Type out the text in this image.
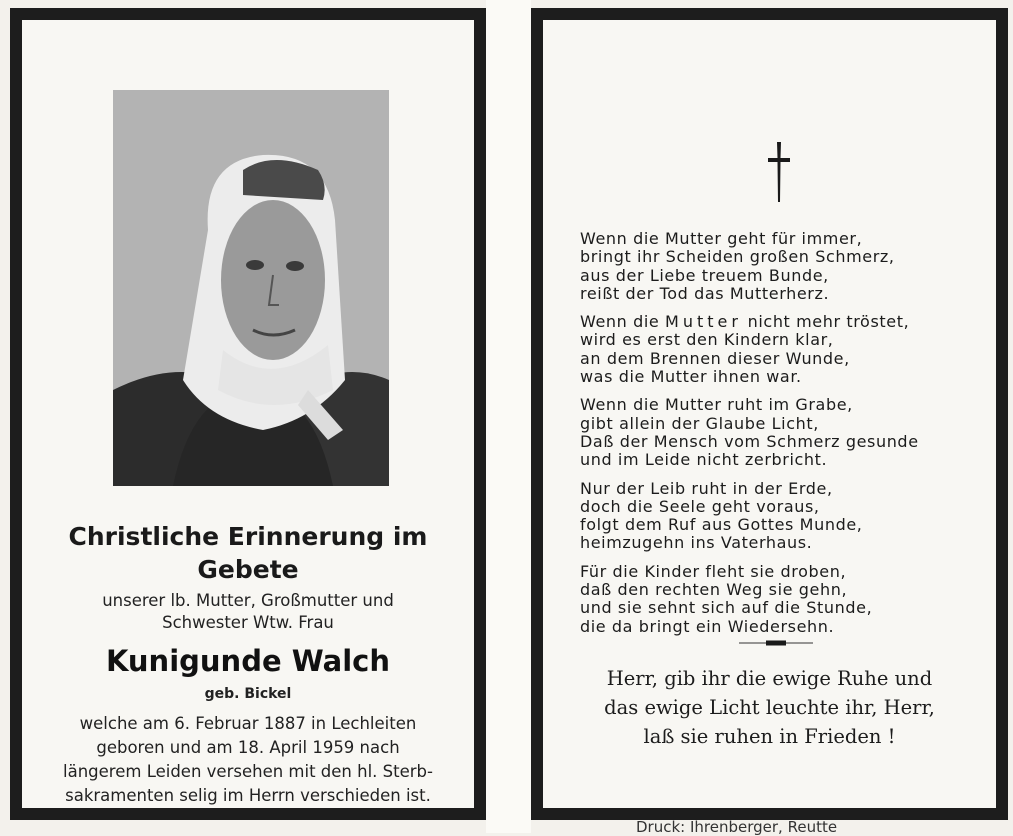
Christliche Erinnerung im
Gebete
unserer lb. Mutter, Großmutter und
Schwester Wtw. Frau
Kunigunde Walch
geb. Bickel
welche am 6. Februar 1887 in Lechleiten
geboren und am 18. April 1959 nach
längerem Leiden versehen mit den hl. Sterb-
sakramenten selig im Herrn verschieden ist.
Wenn die Mutter geht für immer,
bringt ihr Scheiden großen Schmerz,
aus der Liebe treuem Bunde,
reißt der Tod das Mutterherz.
Wenn die Mutter nicht mehr tröstet,
wird es erst den Kindern klar,
an dem Brennen dieser Wunde,
was die Mutter ihnen war.
Wenn die Mutter ruht im Grabe,
gibt allein der Glaube Licht,
Daß der Mensch vom Schmerz gesunde
und im Leide nicht zerbricht.
Nur der Leib ruht in der Erde,
doch die Seele geht voraus,
folgt dem Ruf aus Gottes Munde,
heimzugehn ins Vaterhaus.
Für die Kinder fleht sie droben,
daß den rechten Weg sie gehn,
und sie sehnt sich auf die Stunde,
die da bringt ein Wiedersehn.
Herr, gib ihr die ewige Ruhe und
das ewige Licht leuchte ihr, Herr,
laß sie ruhen in Frieden !
Druck: Ihrenberger, Reutte
